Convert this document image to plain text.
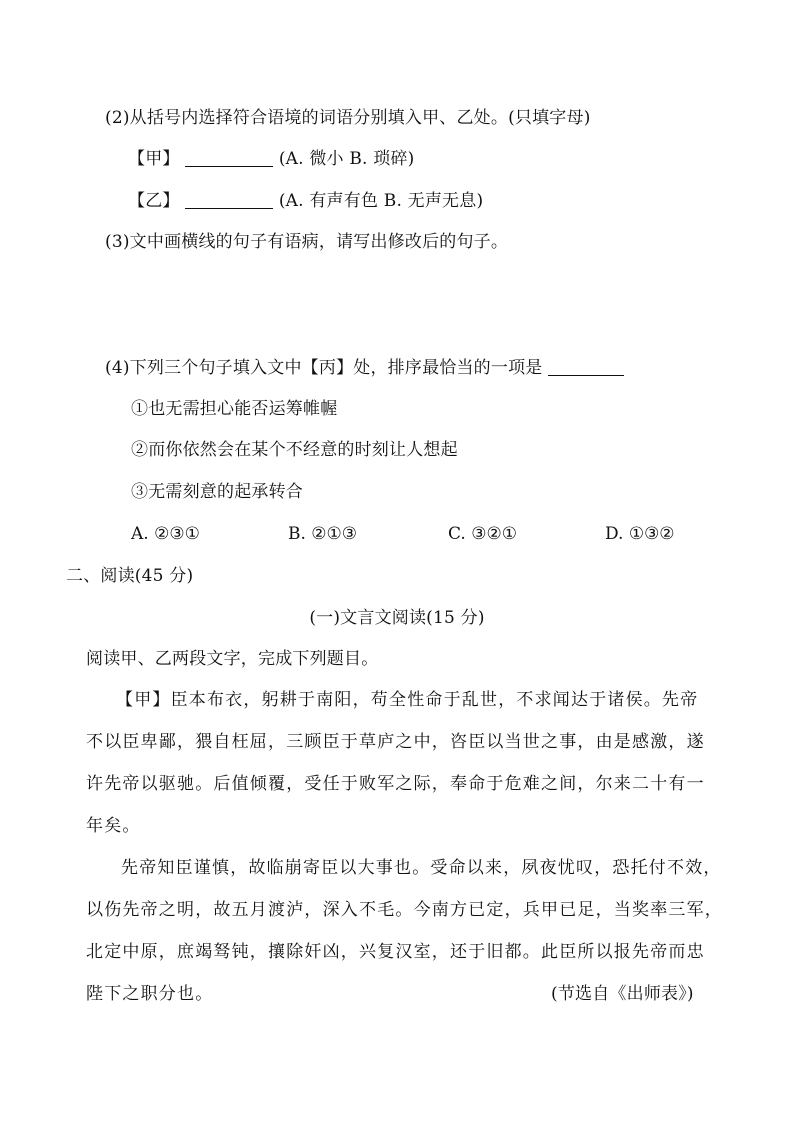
(2)从括号内选择符合语境的词语分别填入甲、乙处。(只填字母)
【甲】	(A. 微小 B. 琐碎)
【乙】	(A. 有声有色 B. 无声无息)
(3)文中画横线的句子有语病，请写出修改后的句子。
(4)下列三个句子填入文中【丙】处，排序最恰当的一项是
①也无需担心能否运筹帷幄
②而你依然会在某个不经意的时刻让人想起
③无需刻意的起承转合
A. ②③①	B. ②①③	C. ③②①	D. ①③②
二、阅读(45 分)
(一)文言文阅读(15 分)
阅读甲、乙两段文字，完成下列题目。
【甲】臣本布衣，躬耕于南阳，苟全性命于乱世，不求闻达于诸侯。先帝
不以臣卑鄙，猥自枉屈，三顾臣于草庐之中，咨臣以当世之事，由是感激，遂
许先帝以驱驰。后值倾覆，受任于败军之际，奉命于危难之间，尔来二十有一
年矣。
先帝知臣谨慎，故临崩寄臣以大事也。受命以来，夙夜忧叹，恐托付不效，
以伤先帝之明，故五月渡泸，深入不毛。今南方已定，兵甲已足，当奖率三军，
北定中原，庶竭驽钝，攘除奸凶，兴复汉室，还于旧都。此臣所以报先帝而忠
陛下之职分也。	(节选自《出师表》)
